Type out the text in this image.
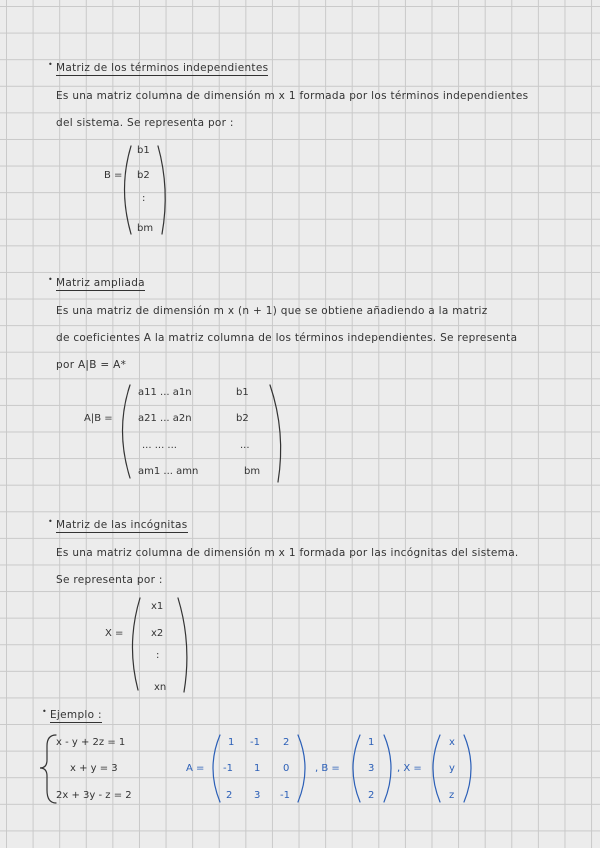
• Matriz de los términos independientes
Es una matriz columna de dimensión m x 1 formada por los términos independientes
del sistema. Se representa por :
B =
b1
b2
:
bm
• Matriz ampliada
Es una matriz de dimensión m x (n + 1) que se obtiene añadiendo a la matriz
de coeficientes A la matriz columna de los términos independientes. Se representa
por A|B = A*
A|B =
a11 ... a1n	b1
a21 ... a2n	b2
... ... ...	...
am1 ... amn	bm
• Matriz de las incógnitas
Es una matriz columna de dimensión m x 1 formada por las incógnitas del sistema.
Se representa por :
X =
x1
x2
:
xn
• Ejemplo :
x - y + 2z = 1
x + y = 3
2x + 3y - z = 2
A =
1 -1 2
-1 1 0
2 3 -1
, B =
1
3
2
, X =
x
y
z
